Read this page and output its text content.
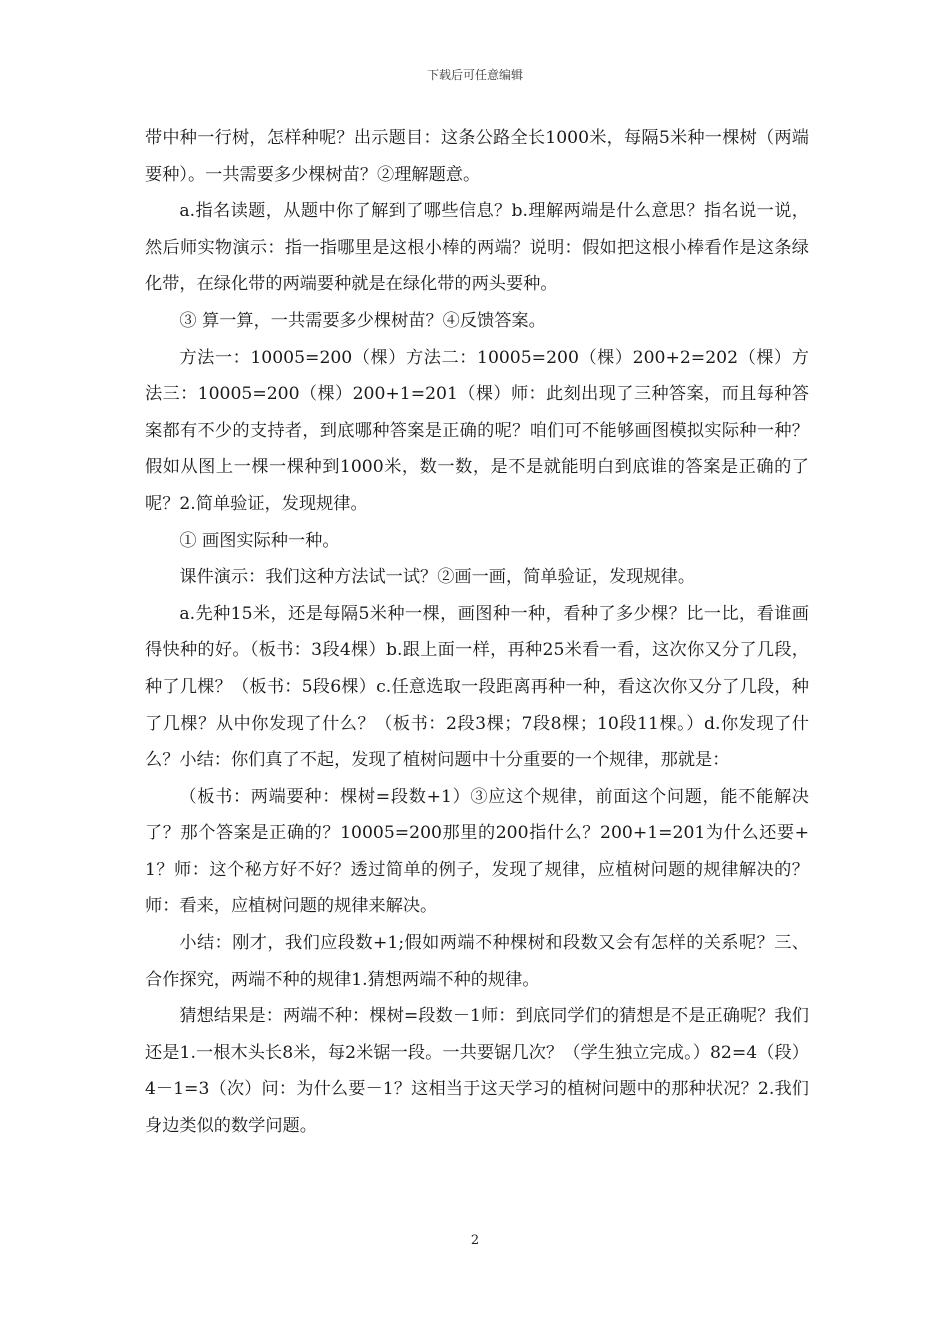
下载后可任意编辑

带中种一行树，怎样种呢？出示题目：这条公路全长1000米，每隔5米种一棵树（两端要种）。一共需要多少棵树苗？②理解题意。

a.指名读题，从题中你了解到了哪些信息？b.理解两端是什么意思？指名说一说，然后师实物演示：指一指哪里是这根小棒的两端？说明：假如把这根小棒看作是这条绿化带，在绿化带的两端要种就是在绿化带的两头要种。

③ 算一算，一共需要多少棵树苗？④反馈答案。

方法一：10005=200（棵）方法二：10005=200（棵）200+2=202（棵）方法三：10005=200（棵）200+1=201（棵）师：此刻出现了三种答案，而且每种答案都有不少的支持者，到底哪种答案是正确的呢？咱们可不能够画图模拟实际种一种？假如从图上一棵一棵种到1000米，数一数，是不是就能明白到底谁的答案是正确的了呢？2.简单验证，发现规律。

① 画图实际种一种。

课件演示：我们这种方法试一试？②画一画，简单验证，发现规律。

a.先种15米，还是每隔5米种一棵，画图种一种，看种了多少棵？比一比，看谁画得快种的好。（板书：3段4棵）b.跟上面一样，再种25米看一看，这次你又分了几段，种了几棵？（板书：5段6棵）c.任意选取一段距离再种一种，看这次你又分了几段，种了几棵？从中你发现了什么？（板书：2段3棵；7段8棵；10段11棵。）d.你发现了什么？小结：你们真了不起，发现了植树问题中十分重要的一个规律，那就是：

（板书：两端要种：棵树=段数+1）③应这个规律，前面这个问题，能不能解决了？那个答案是正确的？10005=200那里的200指什么？200+1=201为什么还要+1？师：这个秘方好不好？透过简单的例子，发现了规律，应植树问题的规律解决的？师：看来，应植树问题的规律来解决。

小结：刚才，我们应段数+1;假如两端不种棵树和段数又会有怎样的关系呢？三、合作探究，两端不种的规律1.猜想两端不种的规律。

猜想结果是：两端不种：棵树=段数－1师：到底同学们的猜想是不是正确呢？我们还是1.一根木头长8米，每2米锯一段。一共要锯几次？（学生独立完成。）82=4（段）4－1=3（次）问：为什么要－1？这相当于这天学习的植树问题中的那种状况？2.我们身边类似的数学问题。

2
